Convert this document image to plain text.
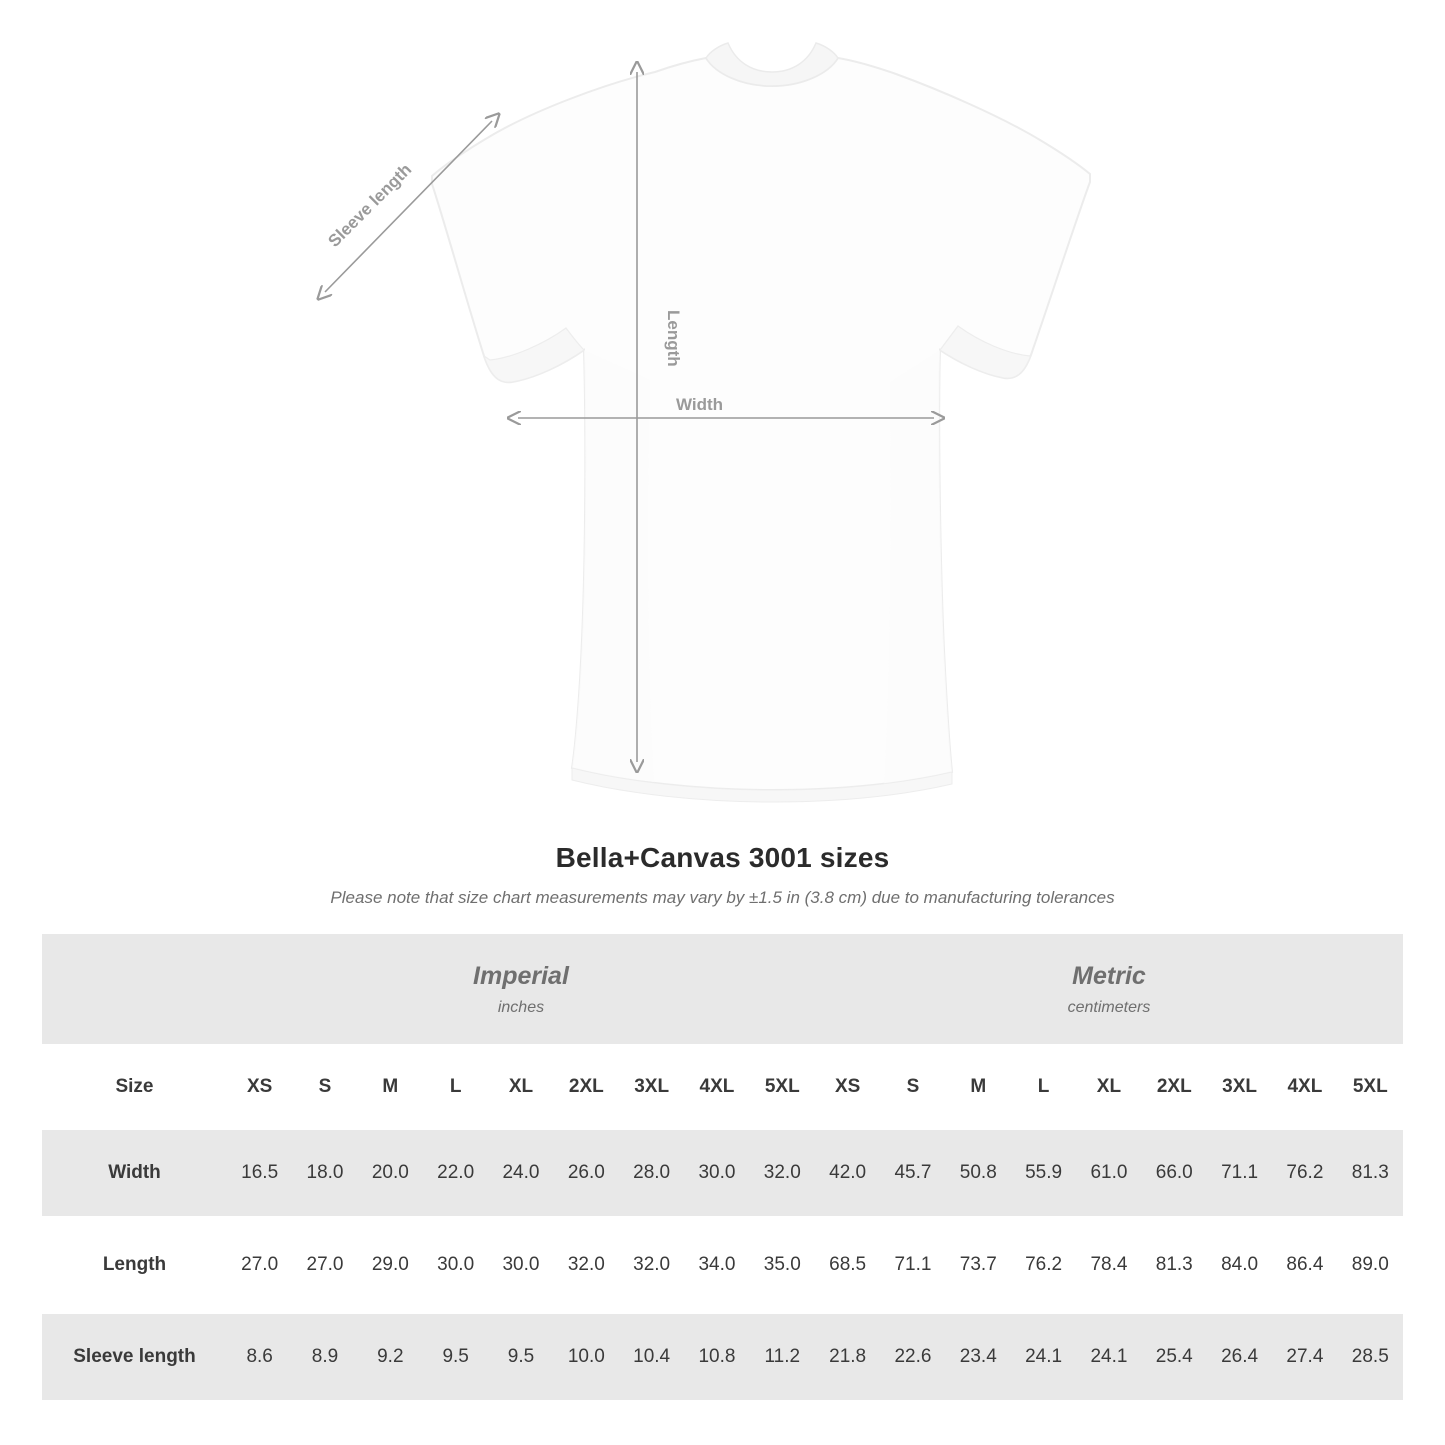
Length
Width
Sleeve length
Bella+Canvas 3001 sizes
Please note that size chart measurements may vary by ±1.5 in (3.8 cm) due to manufacturing tolerances

Imperial
inches

Metric
centimeters

Size	XS	S	M	L	XL	2XL	3XL	4XL	5XL	XS	S	M	L	XL	2XL	3XL	4XL	5XL
Width	16.5	18.0	20.0	22.0	24.0	26.0	28.0	30.0	32.0	42.0	45.7	50.8	55.9	61.0	66.0	71.1	76.2	81.3

Length	27.0	27.0	29.0	30.0	30.0	32.0	32.0	34.0	35.0	68.5	71.1	73.7	76.2	78.4	81.3	84.0	86.4	89.0

Sleeve length	8.6	8.9	9.2	9.5	9.5	10.0	10.4	10.8	11.2	21.8	22.6	23.4	24.1	24.1	25.4	26.4	27.4	28.5
